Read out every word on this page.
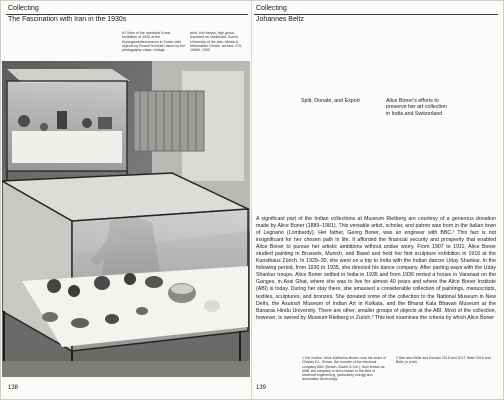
Collecting
The Fascination with Iran in the 1930s
#1 View of the Iranische Kunst exhibition of 1935 at the Kunstgewerbemuseum in Zurich with objects by Rudolf Schmidt, taken by the photography class, vintage
print, b/w baryta, high gloss, mounted on cardboard, Zurich University of the Arts, Media & Information Centre, archive, ICS-10664, 1935
138
Collecting
Johannes Beltz
Split, Donate, and Export	Alice Boner's efforts to
preserve her art collection
in India and Switzerland
A significant part of the Indian collections at Museum Rietberg are courtesy of a generous donation made by Alice Boner (1889–1981). This versatile artist, scholar, and patron was born in the Italian town of Legnano (Lombardy). Her father, Georg Boner, was an engineer with BBC.¹ This fact is not insignificant for her chosen path in life. It afforded the financial security and prosperity that enabled Alice Boner to pursue her artistic ambitions without undue worry. From 1907 to 1911, Alice Boner studied painting in Brussels, Munich, and Basel and held her first sculpture exhibition in 1916 at the Kunsthaus Zürich. In 1929–30, she went on a trip to India with the Indian dancer Uday Shankar. In the following period, from 1930 to 1935, she directed his dance company. After parting ways with the Uday Shankar troupe, Alice Boner settled in India in 1935 and from 1936 rented a house in Varanasi on the Ganges, in Assi Ghat, where she was to live for almost 40 years and where the Alice Boner Institute (ABI) is today. During her stay there, she amassed a considerable collection of paintings, manuscripts, textiles, sculptures, and bronzes. She donated some of the collection to the National Museum in New Delhi, the Asutosh Museum of Indian Art in Kolkata, and the Bharat Kala Bhavan Museum at the Banaras Hindu University. There are other, smaller groups of objects at the ABI. Most of the collection, however, is owned by Museum Rietberg in Zurich.² This text examines the criteria by which Alice Boner
1 Her mother, Alice-Katharina Brown, was the sister of Charles E.L. Brown, the founder of the electrical company BBC (Brown, Boveri & Cie.). Now known as ABB, the company is still a leader in the field of electrical engineering, particularly energy and automation technology.
2 See also Beltz and Korashi 2018 and 2017; Beltz 2016 and Beltz (n print).
139
